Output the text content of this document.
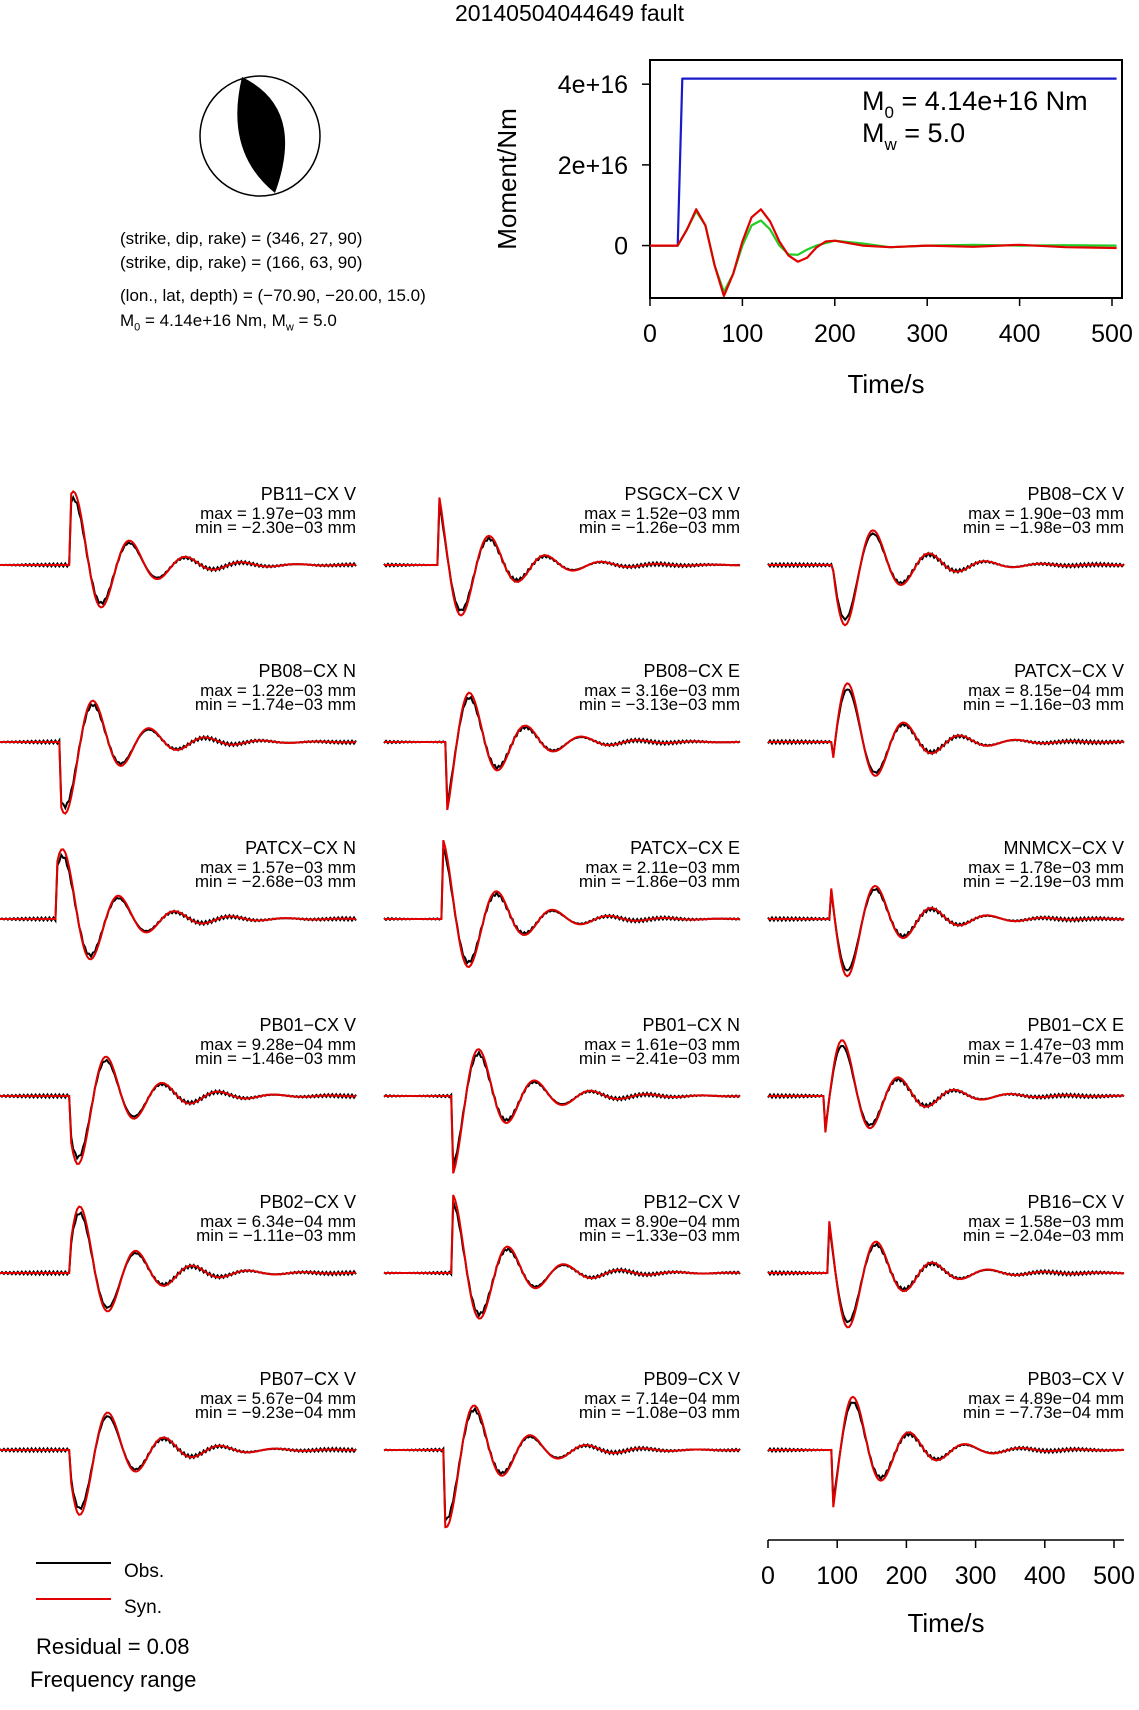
20140504044649 fault
(strike, dip, rake) = (346, 27, 90)
(strike, dip, rake) = (166, 63, 90)
(lon., lat, depth) = (−70.90, −20.00, 15.0)
$M_0 = 4.14e+16$ Nm, $M_w = 5.0$	0	100 200 300 400 500
0
2e+16
4e+16
Time/s
Moment/Nm
$M_0 = 4.14e+16$ Nm
$M_w = 5.0$
PB11−CX V
max = 1.97e−03 mm
min = −2.30e−03 mm
PSGCX−CX V
max = 1.52e−03 mm
min = −1.26e−03 mm
PB08−CX V
max = 1.90e−03 mm
min = −1.98e−03 mm
PB08−CX N
max = 1.22e−03 mm
min = −1.74e−03 mm
PB08−CX E
max = 3.16e−03 mm
min = −3.13e−03 mm
PATCX−CX V
max = 8.15e−04 mm
min = −1.16e−03 mm
PATCX−CX N
max = 1.57e−03 mm
min = −2.68e−03 mm
PATCX−CX E
max = 2.11e−03 mm
min = −1.86e−03 mm
MNMCX−CX V
max = 1.78e−03 mm
min = −2.19e−03 mm
PB01−CX V
max = 9.28e−04 mm
min = −1.46e−03 mm
PB01−CX N
max = 1.61e−03 mm
min = −2.41e−03 mm
PB01−CX E
max = 1.47e−03 mm
min = −1.47e−03 mm
PB02−CX V
max = 6.34e−04 mm
min = −1.11e−03 mm
PB12−CX V
max = 8.90e−04 mm
min = −1.33e−03 mm
PB16−CX V
max = 1.58e−03 mm
min = −2.04e−03 mm
PB07−CX V
max = 5.67e−04 mm
min = −9.23e−04 mm
PB09−CX V
max = 7.14e−04 mm
min = −1.08e−03 mm
PB03−CX V
max = 4.89e−04 mm
min = −7.73e−04 mm
0 100 200 300 400 500
Time/s
Obs.
Syn.
Residual = 0.08
Frequency range
